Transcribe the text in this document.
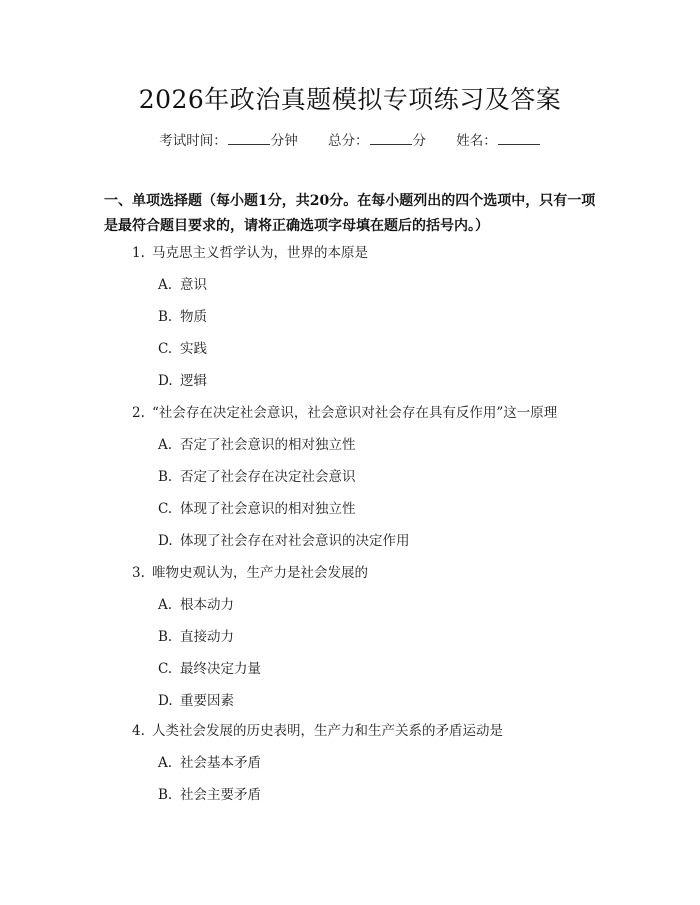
2026年政治真题模拟专项练习及答案
考试时间：	分钟 总分：	分 姓名：
一、单项选择题（每小题1分，共20分。在每小题列出的四个选项中，只有一项是最符合题目要求的，请将正确选项字母填在题后的括号内。）
1. 马克思主义哲学认为，世界的本原是
A. 意识
B. 物质
C. 实践
D. 逻辑
2. “社会存在决定社会意识，社会意识对社会存在具有反作用”这一原理
A. 否定了社会意识的相对独立性
B. 否定了社会存在决定社会意识
C. 体现了社会意识的相对独立性
D. 体现了社会存在对社会意识的决定作用
3. 唯物史观认为，生产力是社会发展的
A. 根本动力
B. 直接动力
C. 最终决定力量
D. 重要因素
4. 人类社会发展的历史表明，生产力和生产关系的矛盾运动是
A. 社会基本矛盾
B. 社会主要矛盾
